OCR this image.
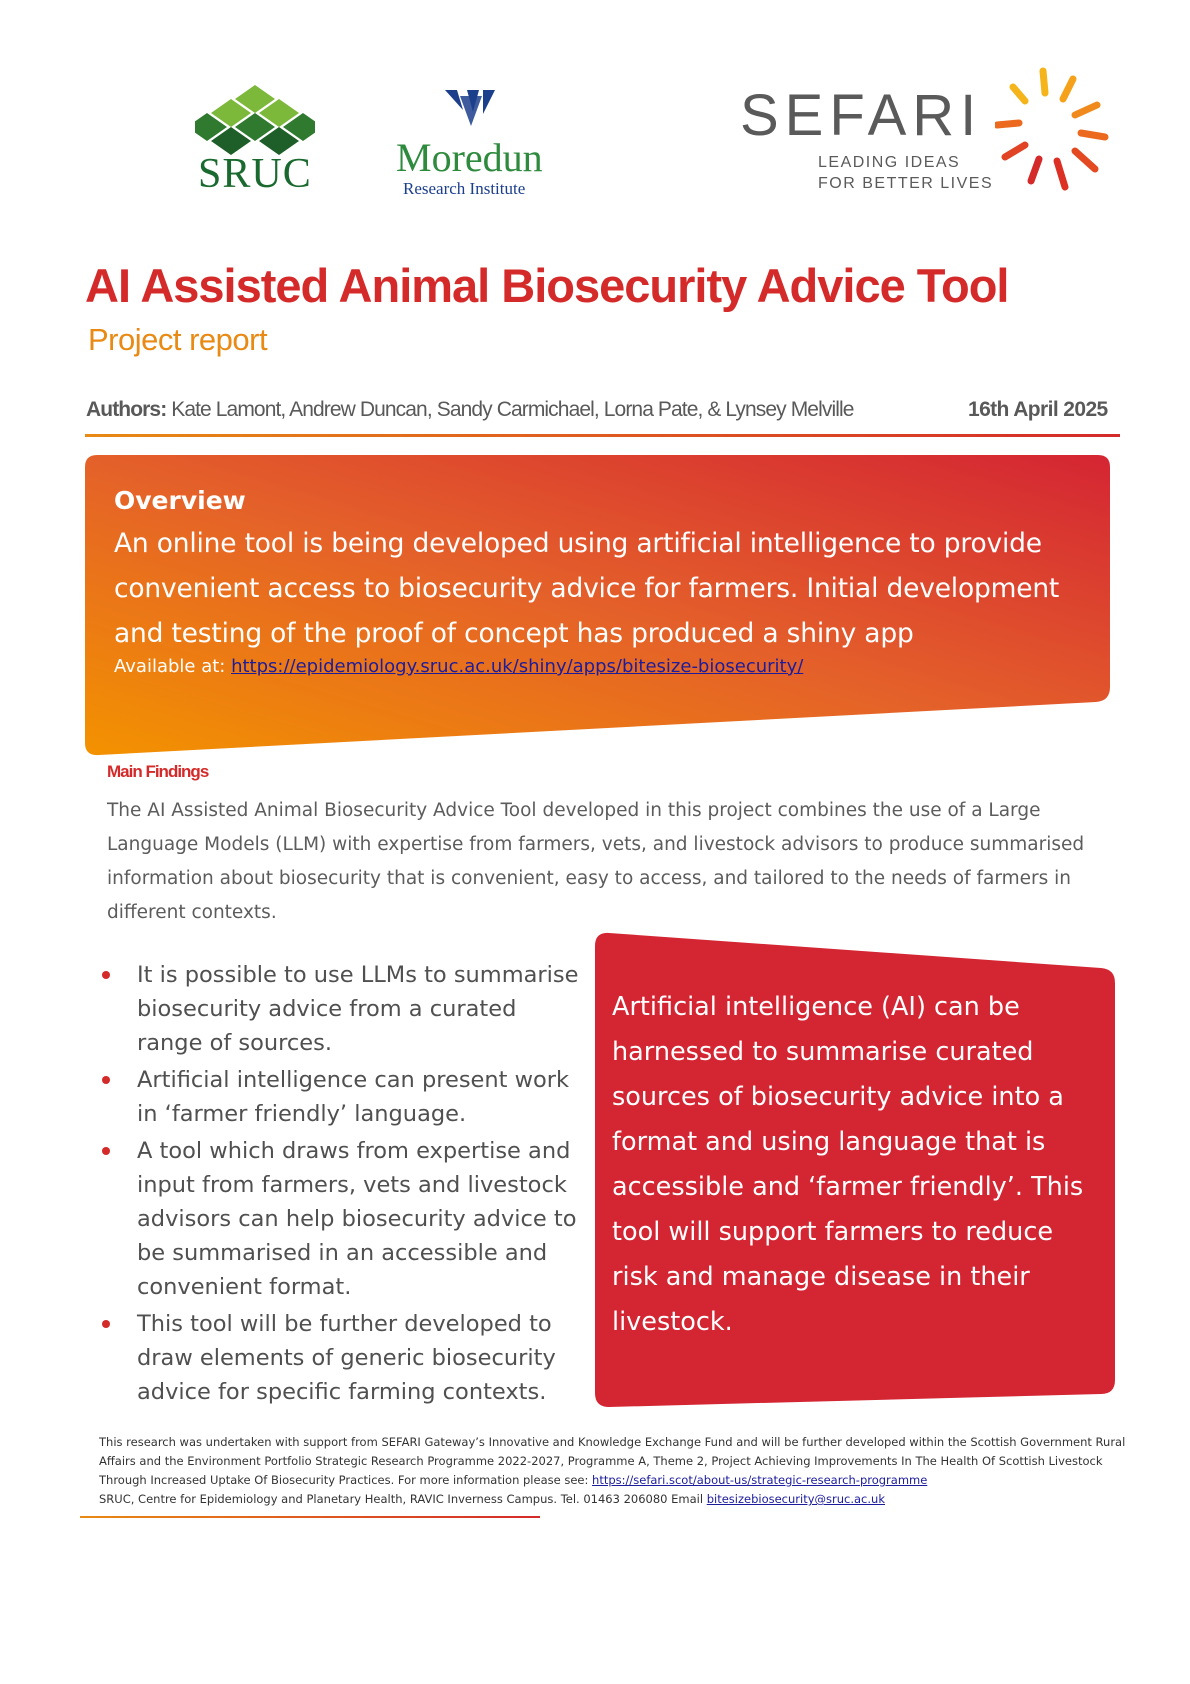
SRUC Moredun
Research Institute
SEFARI
LEADING IDEAS
FOR BETTER LIVES
AI Assisted Animal Biosecurity Advice Tool
Project report
Authors: Kate Lamont, Andrew Duncan, Sandy Carmichael, Lorna Pate, & Lynsey Melville	16th April 2025
Overview
An online tool is being developed using artificial intelligence to provide convenient access to biosecurity advice for farmers. Initial development and testing of the proof of concept has produced a shiny app
Available at: https://epidemiology.sruc.ac.uk/shiny/apps/bitesize-biosecurity/
Main Findings
The AI Assisted Animal Biosecurity Advice Tool developed in this project combines the use of a Large Language Models (LLM) with expertise from farmers, vets, and livestock advisors to produce summarised information about biosecurity that is convenient, easy to access, and tailored to the needs of farmers in different contexts.
It is possible to use LLMs to summarise biosecurity advice from a curated range of sources.
Artificial intelligence can present work in ‘farmer friendly’ language.
A tool which draws from expertise and input from farmers, vets and livestock advisors can help biosecurity advice to be summarised in an accessible and convenient format.
This tool will be further developed to draw elements of generic biosecurity advice for specific farming contexts.
Artificial intelligence (AI) can be harnessed to summarise curated sources of biosecurity advice into a format and using language that is accessible and ‘farmer friendly’. This tool will support farmers to reduce risk and manage disease in their livestock.
This research was undertaken with support from SEFARI Gateway’s Innovative and Knowledge Exchange Fund and will be further developed within the Scottish Government Rural Affairs and the Environment Portfolio Strategic Research Programme 2022-2027, Programme A, Theme 2, Project Achieving Improvements In The Health Of Scottish Livestock Through Increased Uptake Of Biosecurity Practices. For more information please see: https://sefari.scot/about-us/strategic-research-programme
SRUC, Centre for Epidemiology and Planetary Health, RAVIC Inverness Campus. Tel. 01463 206080 Email bitesizebiosecurity@sruc.ac.uk
